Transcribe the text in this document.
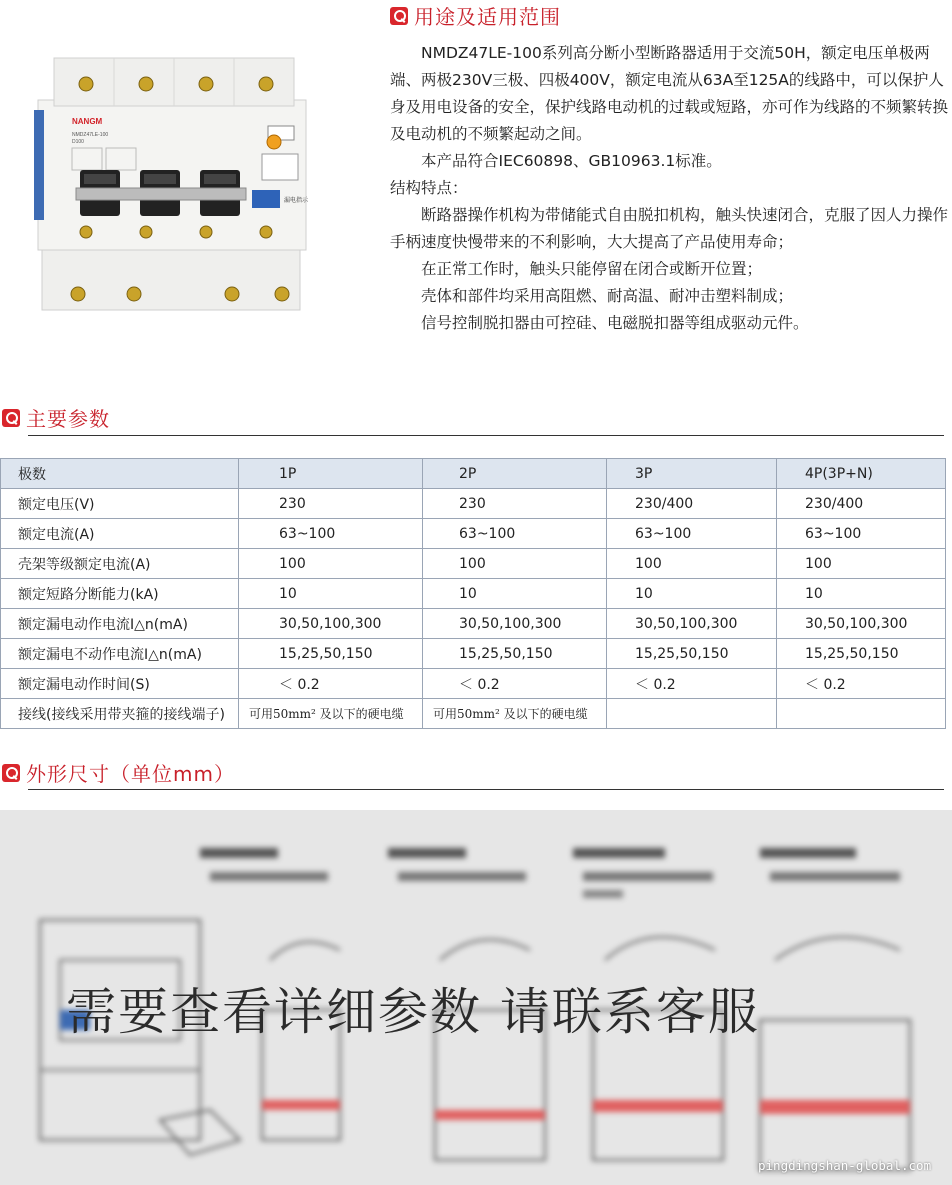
用途及适用范围
NANGM
NMDZ47LE-100
D100
漏电指示

NMDZ47LE-100系列高分断小型断路器适用于交流50H，额定电压单极两端、两极230V三极、四极400V，额定电流从63A至125A的线路中，可以保护人身及用电设备的安全，保护线路电动机的过载或短路，亦可作为线路的不频繁转换及电动机的不频繁起动之间。

本产品符合IEC60898、GB10963.1标准。

结构特点：

断路器操作机构为带储能式自由脱扣机构，触头快速闭合，克服了因人力操作手柄速度快慢带来的不利影响，大大提高了产品使用寿命；

在正常工作时，触头只能停留在闭合或断开位置；

壳体和部件均采用高阻燃、耐高温、耐冲击塑料制成；

信号控制脱扣器由可控硅、电磁脱扣器等组成驱动元件。

主要参数
极数	1P	2P	3P	4P(3P+N)
额定电压(V)	230	230	230/400	230/400
额定电流(A)	63~100	63~100	63~100	63~100
壳架等级额定电流(A)	100	100	100	100
额定短路分断能力(kA)	10	10	10	10
额定漏电动作电流Ⅰ△n(mA)	30,50,100,300	30,50,100,300	30,50,100,300	30,50,100,300
额定漏电不动作电流Ⅰ△n(mA)	15,25,50,150	15,25,50,150	15,25,50,150	15,25,50,150
额定漏电动作时间(S)	＜ 0.2	＜ 0.2	＜ 0.2	＜ 0.2
接线(接线采用带夹箍的接线端子)	可用50mm² 及以下的硬电缆	可用50mm² 及以下的硬电缆		
外形尺寸（单位mm）
需要查看详细参数 请联系客服
pingdingshan-global.com
